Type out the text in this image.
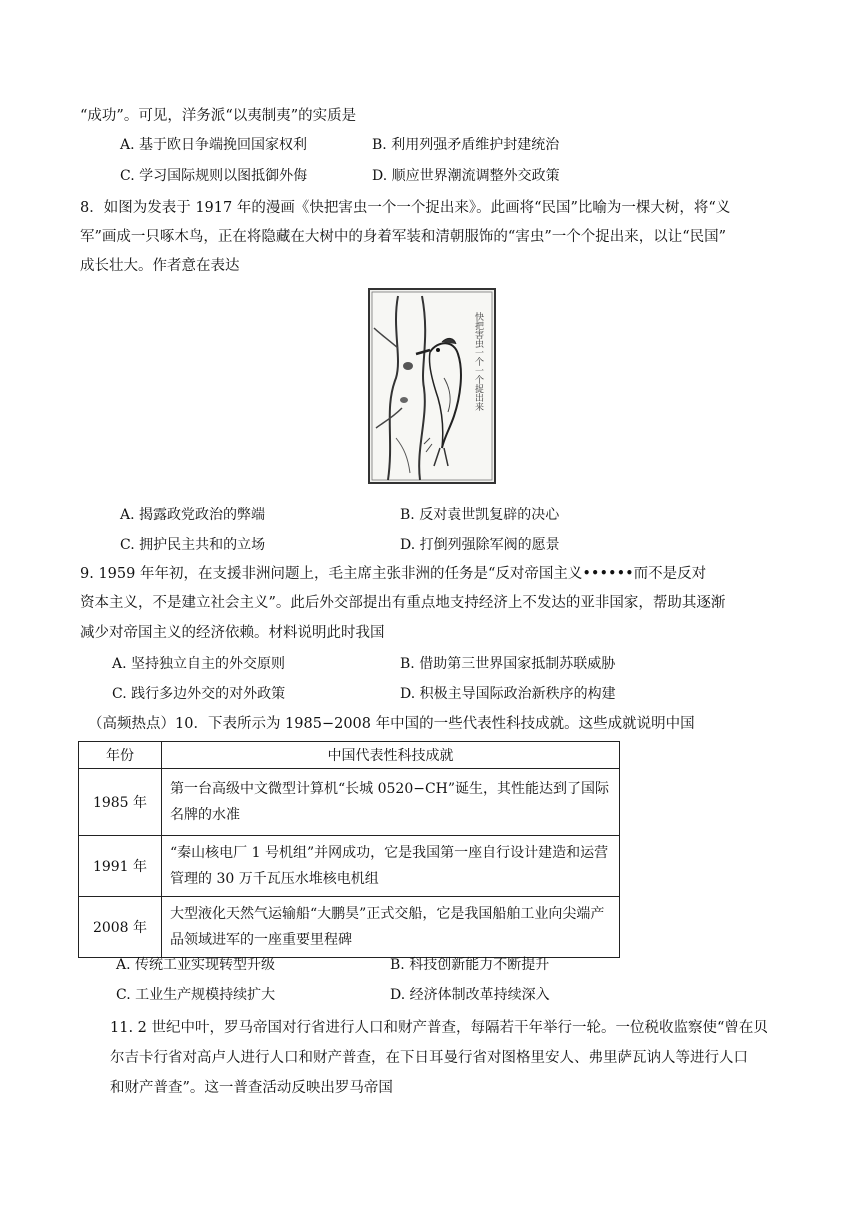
“成功”。可见，洋务派“以夷制夷”的实质是
A. 基于欧日争端挽回国家权利	B. 利用列强矛盾维护封建统治
C. 学习国际规则以图抵御外侮	D. 顺应世界潮流调整外交政策
8．如图为发表于 1917 年的漫画《快把害虫一个一个捉出来》。此画将“民国”比喻为一棵大树，将“义
军”画成一只啄木鸟，正在将隐藏在大树中的身着军装和清朝服饰的“害虫”一个个捉出来，以让“民国”
成长壮大。作者意在表达
快把害虫一个一个捉出来
A. 揭露政党政治的弊端	B. 反对袁世凯复辟的决心
C. 拥护民主共和的立场	D. 打倒列强除军阀的愿景
9. 1959 年年初，在支援非洲问题上，毛主席主张非洲的任务是“反对帝国主义••••••而不是反对
资本主义，不是建立社会主义”。此后外交部提出有重点地支持经济上不发达的亚非国家，帮助其逐渐
减少对帝国主义的经济依赖。材料说明此时我国
A. 坚持独立自主的外交原则	B. 借助第三世界国家抵制苏联威胁
C. 践行多边外交的对外政策	D. 积极主导国际政治新秩序的构建
（高频热点）10．下表所示为 1985−2008 年中国的一些代表性科技成就。这些成就说明中国
年份	中国代表性科技成就
1985 年	第一台高级中文微型计算机“长城 0520−CH”诞生，其性能达到了国际名牌的水准
1991 年	“秦山核电厂 1 号机组”并网成功，它是我国第一座自行设计建造和运营管理的 30 万千瓦压水堆核电机组
2008 年	大型液化天然气运输船“大鹏昊”正式交船，它是我国船舶工业向尖端产品领域进军的一座重要里程碑
A. 传统工业实现转型升级	B. 科技创新能力不断提升
C. 工业生产规模持续扩大	D. 经济体制改革持续深入
11. 2 世纪中叶，罗马帝国对行省进行人口和财产普查，每隔若干年举行一轮。一位税收监察使“曾在贝
尔吉卡行省对高卢人进行人口和财产普查，在下日耳曼行省对图格里安人、弗里萨瓦讷人等进行人口
和财产普查”。这一普查活动反映出罗马帝国
